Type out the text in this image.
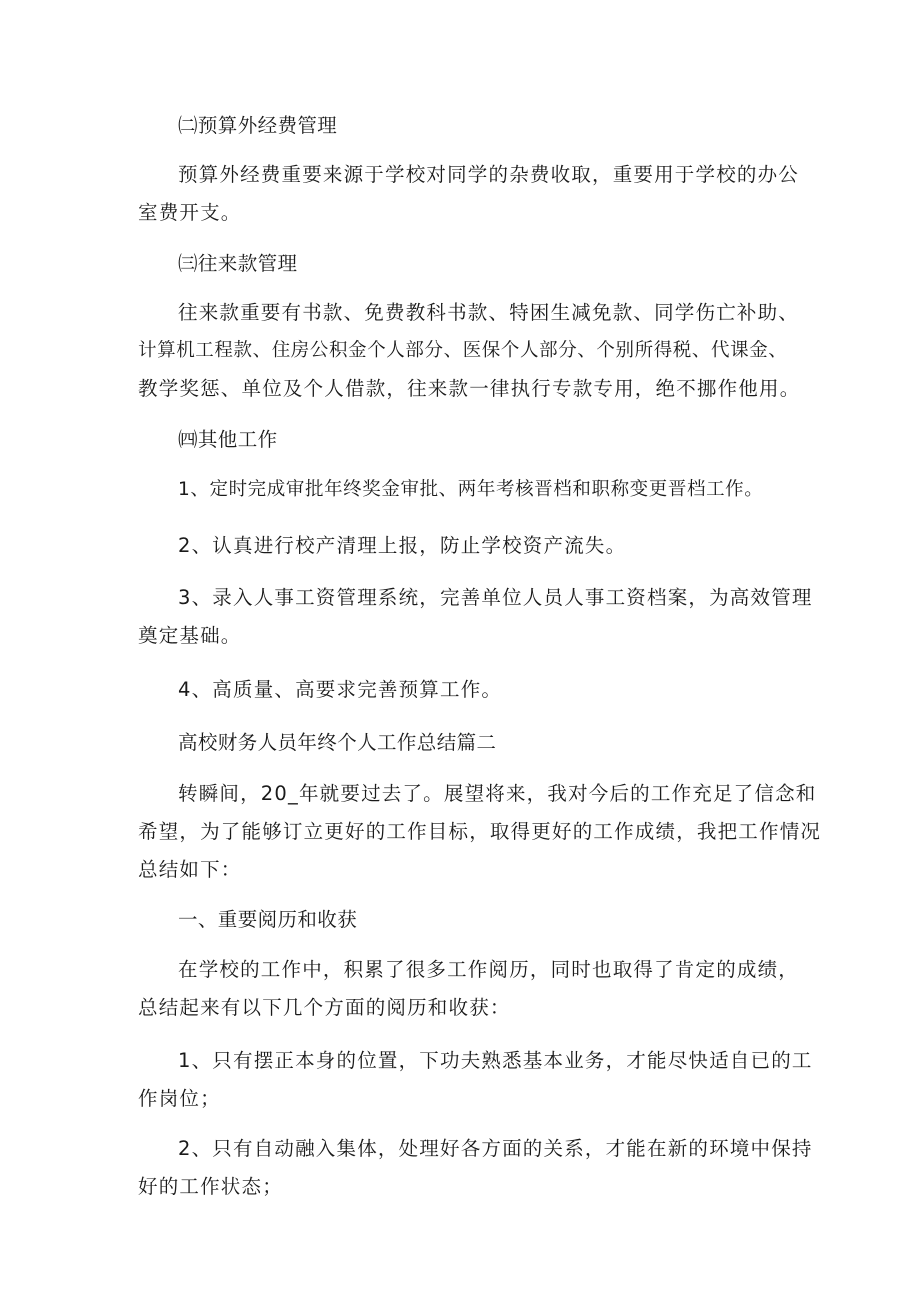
㈡预算外经费管理
预算外经费重要来源于学校对同学的杂费收取，重要用于学校的办公
室费开支。
㈢往来款管理
往来款重要有书款、免费教科书款、特困生减免款、同学伤亡补助、
计算机工程款、住房公积金个人部分、医保个人部分、个别所得税、代课金、
教学奖惩、单位及个人借款，往来款一律执行专款专用，绝不挪作他用。
㈣其他工作
1、定时完成审批年终奖金审批、两年考核晋档和职称变更晋档工作。
2、认真进行校产清理上报，防止学校资产流失。
3、录入人事工资管理系统，完善单位人员人事工资档案，为高效管理
奠定基础。
4、高质量、高要求完善预算工作。
高校财务人员年终个人工作总结篇二
转瞬间，20_年就要过去了。展望将来，我对今后的工作充足了信念和
希望，为了能够订立更好的工作目标，取得更好的工作成绩，我把工作情况
总结如下：
一、重要阅历和收获
在学校的工作中，积累了很多工作阅历，同时也取得了肯定的成绩，
总结起来有以下几个方面的阅历和收获：
1、只有摆正本身的位置，下功夫熟悉基本业务，才能尽快适自已的工
作岗位；
2、只有自动融入集体，处理好各方面的关系，才能在新的环境中保持
好的工作状态；
